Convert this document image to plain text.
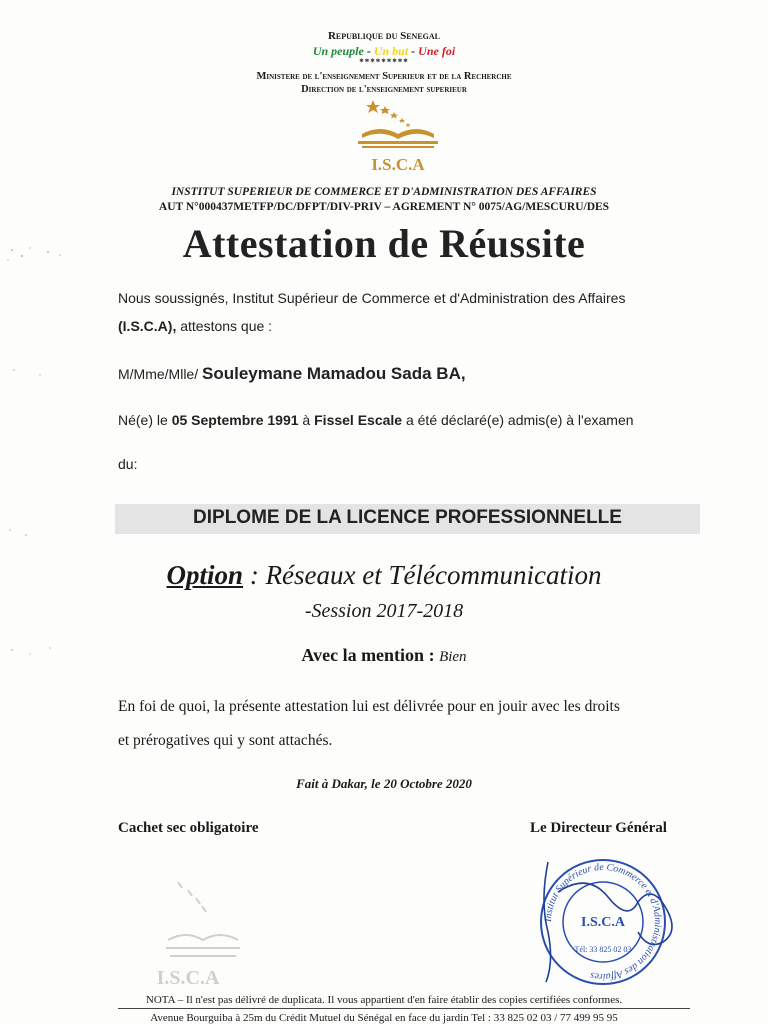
Republique du Senegal
Un peuple - Un but - Une foi
*********
Ministere de l'enseignement Superieur et de la Recherche
Direction de l'enseignement superieur
I.S.C.A
INSTITUT SUPERIEUR DE COMMERCE ET D'ADMINISTRATION DES AFFAIRES
AUT N°000437METFP/DC/DFPT/DIV-PRIV – AGREMENT N° 0075/AG/MESCURU/DES
Attestation de Réussite
Nous soussignés, Institut Supérieur de Commerce et d'Administration des Affaires
(I.S.C.A), attestons que :
M/Mme/Mlle/ Souleymane Mamadou Sada BA,
Né(e) le 05 Septembre 1991 à Fissel Escale a été déclaré(e) admis(e) à l'examen
du:
DIPLOME DE LA LICENCE PROFESSIONNELLE
Option : Réseaux et Télécommunication
-Session 2017-2018
Avec la mention : Bien
En foi de quoi, la présente attestation lui est délivrée pour en jouir avec les droits
et prérogatives qui y sont attachés.
Fait à Dakar, le 20 Octobre 2020
Cachet sec obligatoire	Le Directeur Général
I.S.C.A
Institut Supérieur de Commerce et d'Administration des Affaires
I.S.C.A
Tél: 33 825 02 03
NOTA – Il n'est pas délivré de duplicata. Il vous appartient d'en faire établir des copies certifiées conformes.
Avenue Bourguiba à 25m du Crédit Mutuel du Sénégal en face du jardin Tel : 33 825 02 03 / 77 499 95 95
